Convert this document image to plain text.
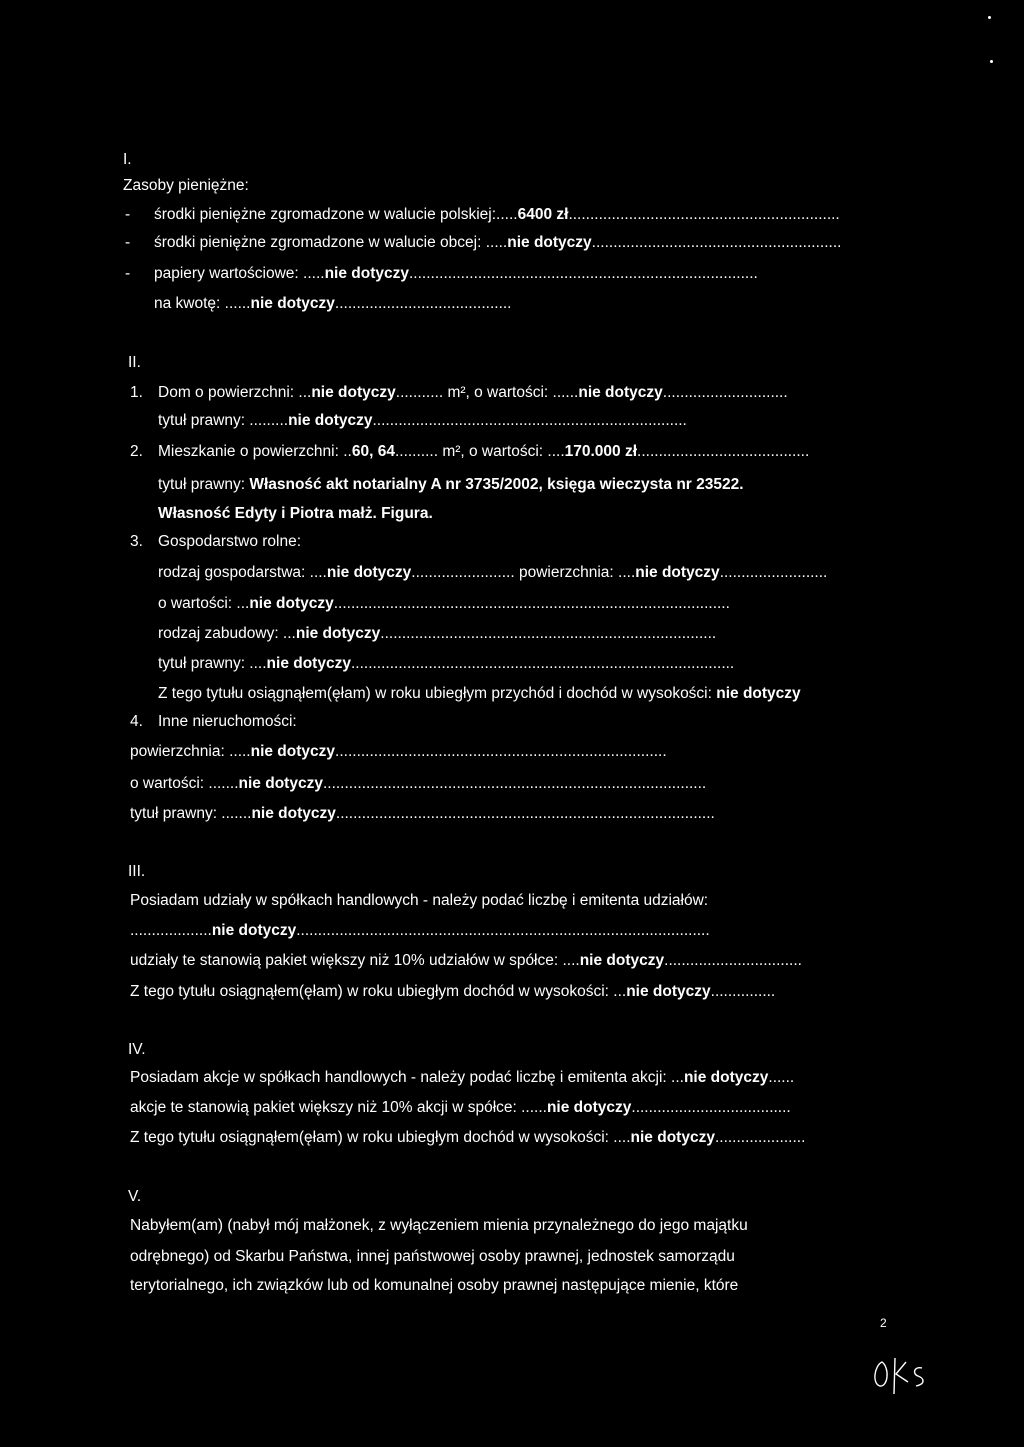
I.
Zasoby pieniężne:
- środki pieniężne zgromadzone w walucie polskiej:.....6400 zł...............................................................
- środki pieniężne zgromadzone w walucie obcej: .....nie dotyczy..........................................................
- papiery wartościowe: .....nie dotyczy.................................................................................
na kwotę: ......nie dotyczy.........................................
II.
1. Dom o powierzchni: ...nie dotyczy........... m², o wartości: ......nie dotyczy.............................
tytuł prawny: .........nie dotyczy.........................................................................
2. Mieszkanie o powierzchni: ..60, 64.......... m², o wartości: ....170.000 zł........................................
tytuł prawny: Własność akt notarialny A nr 3735/2002, księga wieczysta nr 23522.
Własność Edyty i Piotra małż. Figura.
3. Gospodarstwo rolne:
rodzaj gospodarstwa: ....nie dotyczy........................ powierzchnia: ....nie dotyczy.........................
o wartości: ...nie dotyczy............................................................................................
rodzaj zabudowy: ...nie dotyczy..............................................................................
tytuł prawny: ....nie dotyczy.........................................................................................
Z tego tytułu osiągnąłem(ęłam) w roku ubiegłym przychód i dochód w wysokości: nie dotyczy
4. Inne nieruchomości:
powierzchnia: .....nie dotyczy.............................................................................
o wartości: .......nie dotyczy.........................................................................................
tytuł prawny: .......nie dotyczy........................................................................................
III.
Posiadam udziały w spółkach handlowych - należy podać liczbę i emitenta udziałów:
...................nie dotyczy................................................................................................
udziały te stanowią pakiet większy niż 10% udziałów w spółce: ....nie dotyczy................................
Z tego tytułu osiągnąłem(ęłam) w roku ubiegłym dochód w wysokości: ...nie dotyczy...............
IV.
Posiadam akcje w spółkach handlowych - należy podać liczbę i emitenta akcji: ...nie dotyczy......
akcje te stanowią pakiet większy niż 10% akcji w spółce: ......nie dotyczy.....................................
Z tego tytułu osiągnąłem(ęłam) w roku ubiegłym dochód w wysokości: ....nie dotyczy.....................
V.
Nabyłem(am) (nabył mój małżonek, z wyłączeniem mienia przynależnego do jego majątku
odrębnego) od Skarbu Państwa, innej państwowej osoby prawnej, jednostek samorządu
terytorialnego, ich związków lub od komunalnej osoby prawnej następujące mienie, które
2
